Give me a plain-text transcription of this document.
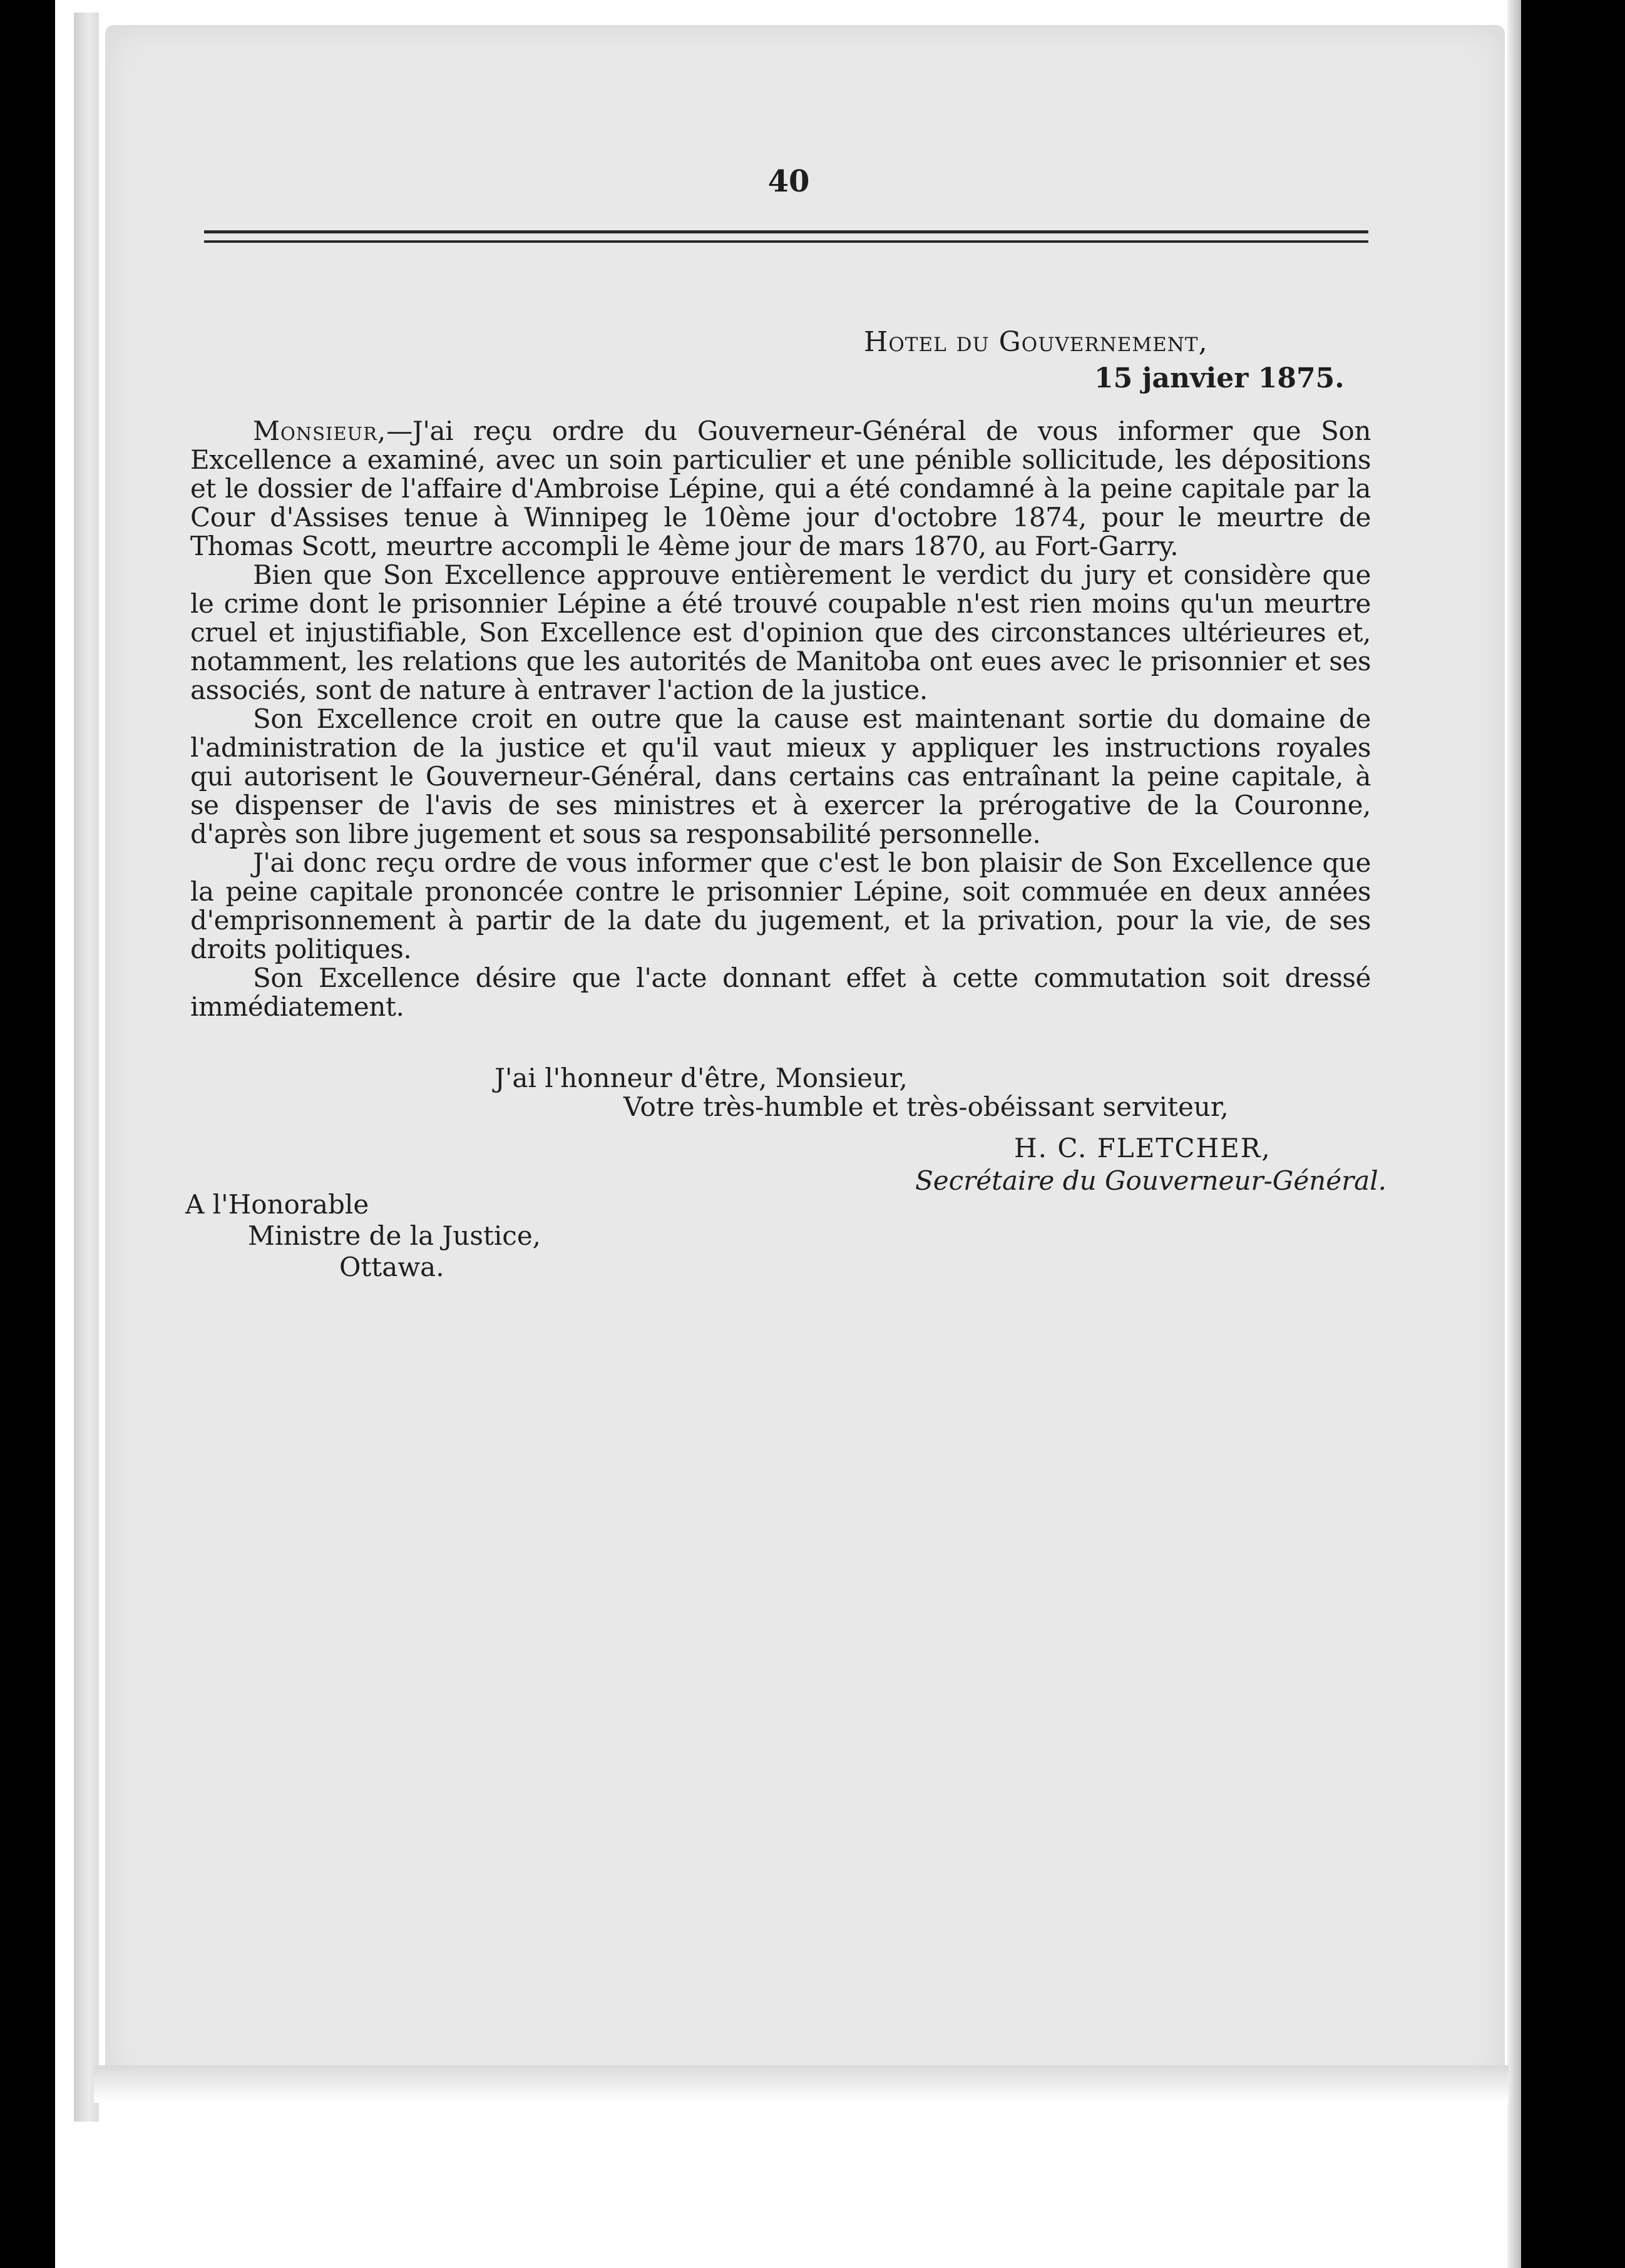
40
Hotel du Gouvernement,
15 janvier 1875.
Monsieur,—J'ai reçu ordre du Gouverneur-Général de vous informer que Son
Excellence a examiné, avec un soin particulier et une pénible sollicitude, les dépositions
et le dossier de l'affaire d'Ambroise Lépine, qui a été condamné à la peine capitale par la
Cour d'Assises tenue à Winnipeg le 10ème jour d'octobre 1874, pour le meurtre de
Thomas Scott, meurtre accompli le 4ème jour de mars 1870, au Fort-Garry.
Bien que Son Excellence approuve entièrement le verdict du jury et considère que
le crime dont le prisonnier Lépine a été trouvé coupable n'est rien moins qu'un meurtre
cruel et injustifiable, Son Excellence est d'opinion que des circonstances ultérieures et,
notamment, les relations que les autorités de Manitoba ont eues avec le prisonnier et ses
associés, sont de nature à entraver l'action de la justice.
Son Excellence croit en outre que la cause est maintenant sortie du domaine de
l'administration de la justice et qu'il vaut mieux y appliquer les instructions royales
qui autorisent le Gouverneur-Général, dans certains cas entraînant la peine capitale, à
se dispenser de l'avis de ses ministres et à exercer la prérogative de la Couronne,
d'après son libre jugement et sous sa responsabilité personnelle.
J'ai donc reçu ordre de vous informer que c'est le bon plaisir de Son Excellence que
la peine capitale prononcée contre le prisonnier Lépine, soit commuée en deux années
d'emprisonnement à partir de la date du jugement, et la privation, pour la vie, de ses
droits politiques.
Son Excellence désire que l'acte donnant effet à cette commutation soit dressé
immédiatement.
J'ai l'honneur d'être, Monsieur,
Votre très-humble et très-obéissant serviteur,
H. C. FLETCHER,
Secrétaire du Gouverneur-Général.
A l'Honorable
Ministre de la Justice,
Ottawa.
